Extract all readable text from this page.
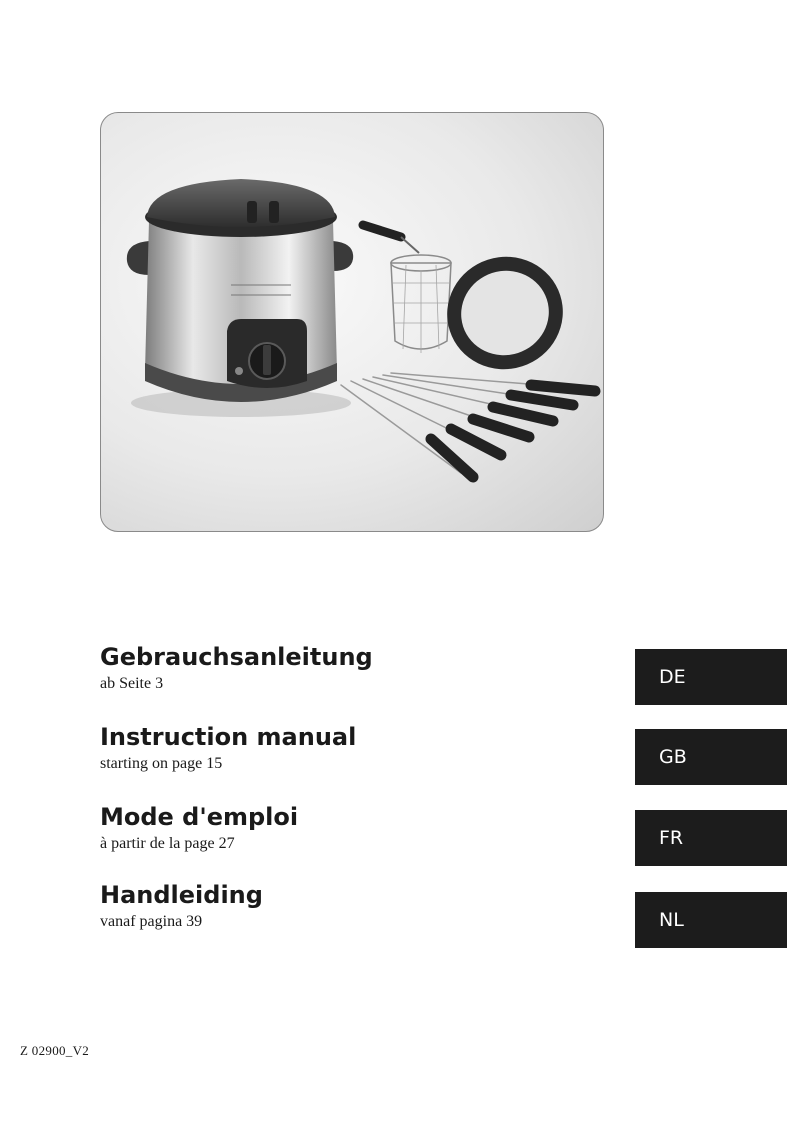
Gebrauchsanleitung
ab Seite 3	DE
Instruction manual
starting on page 15	GB
Mode d'emploi
à partir de la page 27	FR
Handleiding
vanaf pagina 39	NL
Z 02900_V2
